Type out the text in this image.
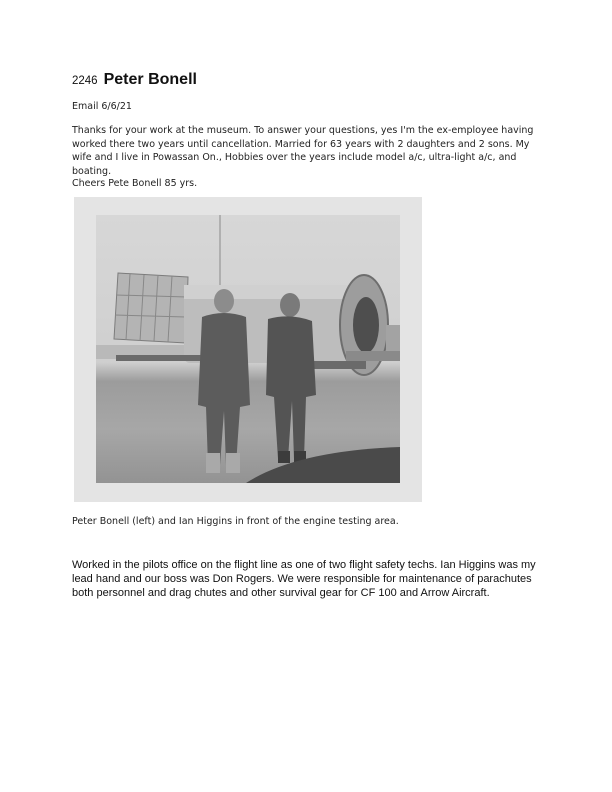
2246 Peter Bonell

Email 6/6/21

Thanks for your work at the museum. To answer your questions, yes I'm the ex-employee having worked there two years until cancellation. Married for 63 years with 2 daughters and 2 sons. My wife and I live in Powassan On., Hobbies over the years include model a/c, ultra-light a/c, and boating.

Cheers Pete Bonell 85 yrs.

Peter Bonell (left) and Ian Higgins in front of the engine testing area.

Worked in the pilots office on the flight line as one of two flight safety techs. Ian Higgins was my lead hand and our boss was Don Rogers. We were responsible for maintenance of parachutes both personnel and drag chutes and other survival gear for CF 100 and Arrow Aircraft.
